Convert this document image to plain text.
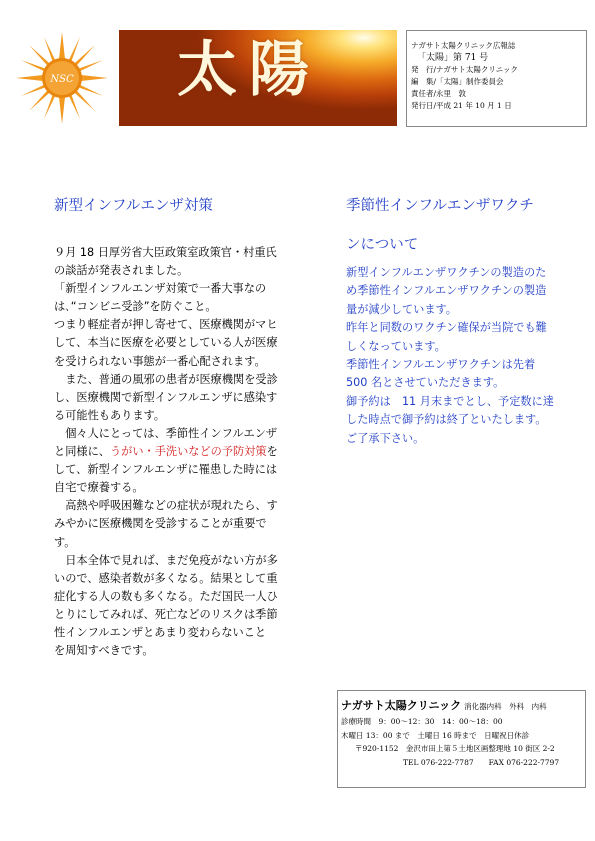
NSC 太陽	ナガサト太陽クリニック広報誌
「太陽」第 71 号
発　行/ナガサト太陽クリニック
編　集/「太陽」制作委員会
責任者/永里　敦
発行日/平成 21 年 10 月 1 日
新型インフルエンザ対策

９月 18 日厚労省大臣政策室政策官・村重氏

の談話が発表されました。

「新型インフルエンザ対策で一番大事なの

は､“コンビニ受診”を防ぐこと｡

つまり軽症者が押し寄せて、医療機関がマヒ

して、本当に医療を必要としている人が医療

を受けられない事態が一番心配されます。

　また、普通の風邪の患者が医療機関を受診

し、医療機関で新型インフルエンザに感染す

る可能性もあります。

　個々人にとっては、季節性インフルエンザ

と同様に、うがい・手洗いなどの予防対策を

して、新型インフルエンザに罹患した時には

自宅で療養する。

　高熱や呼吸困難などの症状が現れたら、す

みやかに医療機関を受診することが重要で

す。

　日本全体で見れば、まだ免疫がない方が多

いので、感染者数が多くなる。結果として重

症化する人の数も多くなる。ただ国民一人ひ

とりにしてみれば、死亡などのリスクは季節

性インフルエンザとあまり変わらないこと

を周知すべきです。

季節性インフルエンザワクチ
ンについて

新型インフルエンザワクチンの製造のた

め季節性インフルエンザワクチンの製造

量が減少しています。

昨年と同数のワクチン確保が当院でも難

しくなっています。

季節性インフルエンザワクチンは先着

500 名とさせていただきます。

御予約は　11 月末までとし、予定数に達

した時点で御予約は終了といたします。

ご了承下さい。

ナガサト太陽クリニック 消化器内科　外科　内科
診療時間　9：00～12：30　14：00～18：00
木曜日 13：00 まで　土曜日 16 時まで　日曜祝日休診
〒920-1152　金沢市田上第５土地区画整理地 10 街区 2-2
TEL 076-222-7787　　FAX 076-222-7797
